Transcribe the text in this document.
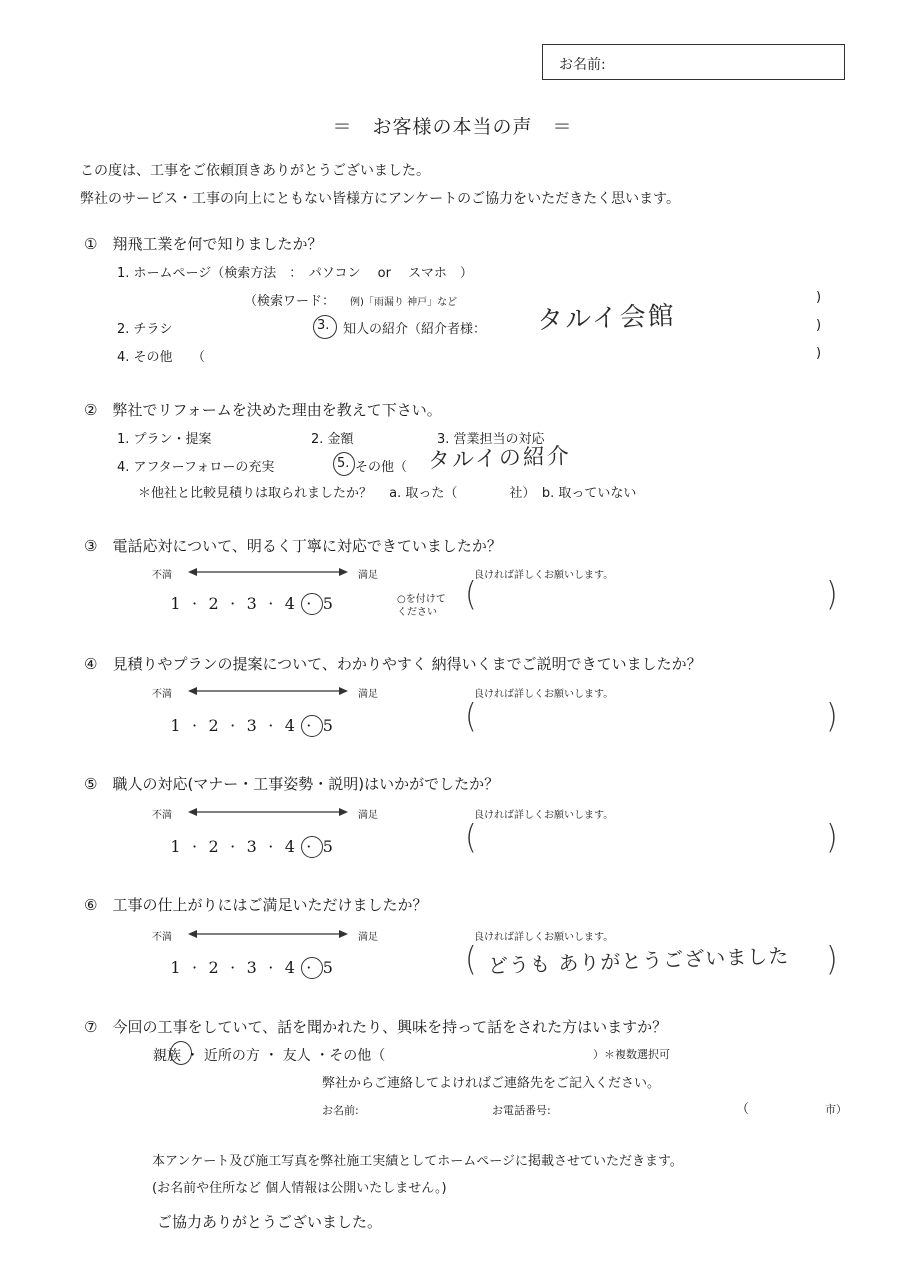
お名前:
＝　お客様の本当の声　＝
この度は、工事をご依頼頂きありがとうございました。
弊社のサービス・工事の向上にともない皆様方にアンケートのご協力をいただきたく思います。
①　翔飛工業を何で知りましたか？
1. ホームページ（検索方法　：　パソコン　 or　 スマホ　）
（検索ワード： 例)「雨漏り 神戸」など	)
2. チラシ	3. 知人の紹介（紹介者様： タルイ会館	)
4. その他　　（	)
②　弊社でリフォームを決めた理由を教えて下さい。
1. プラン・提案	2. 金額	3. 営業担当の対応
4. アフターフォローの充実	5. その他（ タルイの紹介
＊他社と比較見積りは取られましたか？　 a. 取った（　　　　社）　b. 取っていない
③　電話応対について、明るく丁寧に対応できていましたか？
不満	満足	良ければ詳しくお願いします。
1 · 2 · 3 · 4 · 5	○を付けて
ください (	)
④　見積りやプランの提案について、わかりやすく 納得いくまでご説明できていましたか？
不満	満足	良ければ詳しくお願いします。
1 · 2 · 3 · 4 · 5	(	)
⑤　職人の対応(マナー・工事姿勢・説明)はいかがでしたか？
不満	満足	良ければ詳しくお願いします。
1 · 2 · 3 · 4 · 5	(	)
⑥　工事の仕上がりにはご満足いただけましたか？
不満	満足	良ければ詳しくお願いします。
1 · 2 · 3 · 4 · 5	( どうも ありがとうございました )
⑦　今回の工事をしていて、話を聞かれたり、興味を持って話をされた方はいますか？
親族 ・ 近所の方 ・ 友人 ・その他（	）＊複数選択可
弊社からご連絡してよければご連絡先をご記入ください。
お名前:	お電話番号:	（	市）
本アンケート及び施工写真を弊社施工実績としてホームページに掲載させていただきます。
(お名前や住所など 個人情報は公開いたしません。)
ご協力ありがとうございました。
